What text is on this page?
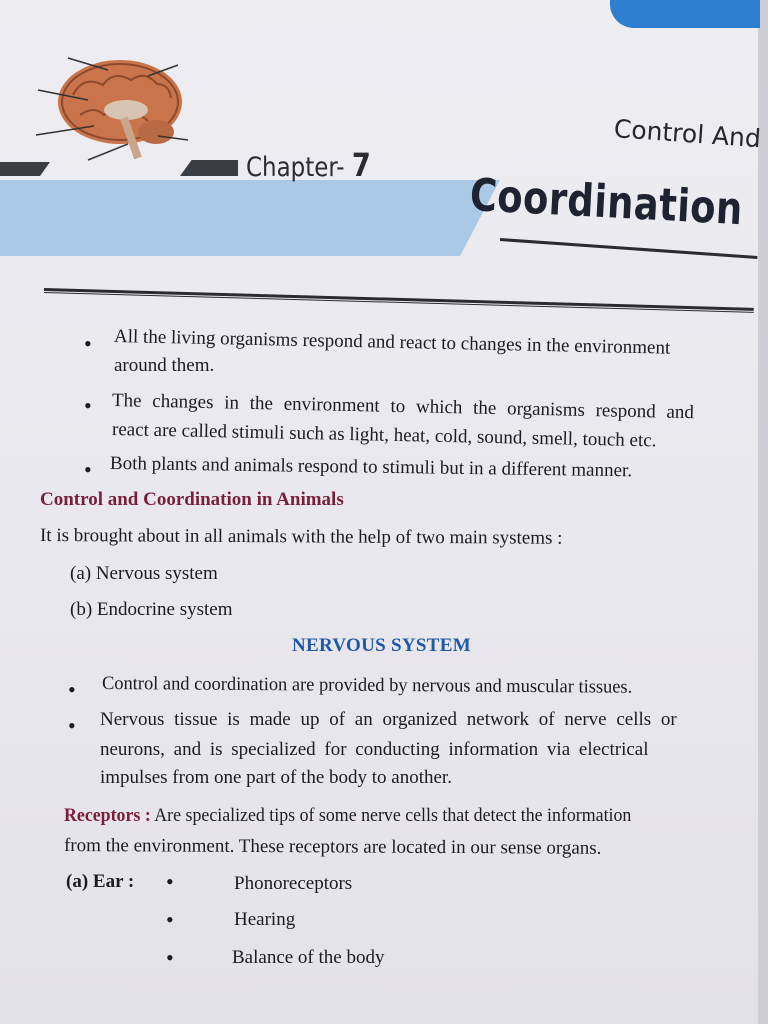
Chapter- 7
Control And
Coordination
• All the living organisms respond and react to changes in the environment
around them.
• The changes in the environment to which the organisms respond and
react are called stimuli such as light, heat, cold, sound, smell, touch etc.
• Both plants and animals respond to stimuli but in a different manner.
Control and Coordination in Animals
It is brought about in all animals with the help of two main systems :
(a) Nervous system
(b) Endocrine system
NERVOUS SYSTEM
• Control and coordination are provided by nervous and muscular tissues.
• Nervous tissue is made up of an organized network of nerve cells or
neurons, and is specialized for conducting information via electrical
impulses from one part of the body to another.
Receptors : Are specialized tips of some nerve cells that detect the information
from the environment. These receptors are located in our sense organs.
(a) Ear : •	Phonoreceptors
•	Hearing
•	Balance of the body
